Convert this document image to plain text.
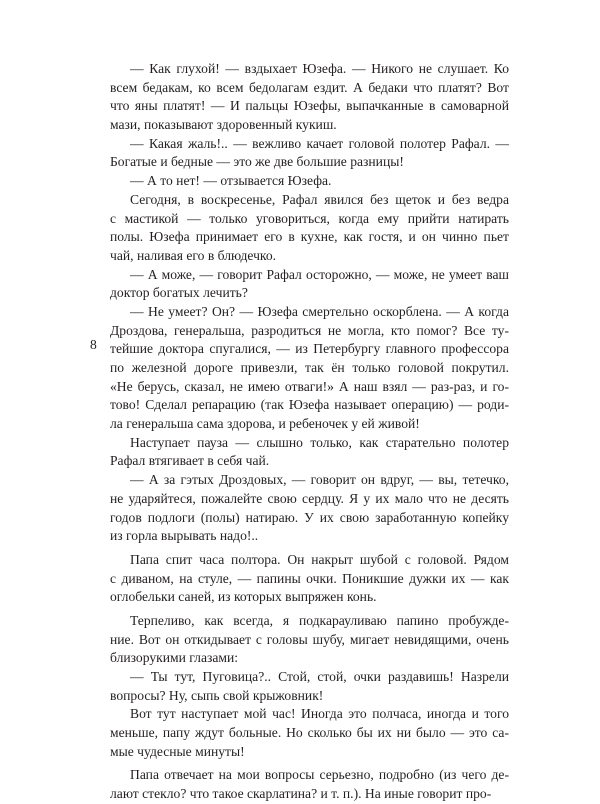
— Как глухой! — вздыхает Юзефа. — Никого не слушает. Ко
всем бедакам, ко всем бедолагам ездит. А бедаки что платят? Вот
что яны платят! — И пальцы Юзефы, выпачканные в самоварной
мази, показывают здоровенный кукиш.

— Какая жаль!.. — вежливо качает головой полотер Рафал. —
Богатые и бедные — это же две большие разницы!

— А то нет! — отзывается Юзефа.

Сегодня, в воскресенье, Рафал явился без щеток и без ведра
с мастикой — только уговориться, когда ему прийти натирать
полы. Юзефа принимает его в кухне, как гостя, и он чинно пьет
чай, наливая его в блюдечко.

— А може, — говорит Рафал осторожно, — може, не умеет ваш
доктор богатых лечить?

— Не умеет? Он? — Юзефа смертельно оскорблена. — А когда
Дроздова, генеральша, разродиться не могла, кто помог? Все ту-
тейшие доктора спугалися, — из Петербургу главного профессора
по железной дороге привезли, так ён только головой покрутил.
«Не берусь, сказал, не имею отваги!» А наш взял — раз-раз, и го-
тово! Сделал репарацию (так Юзефа называет операцию) — роди-
ла генеральша сама здорова, и ребеночек у ей живой!

Наступает пауза — слышно только, как старательно полотер
Рафал втягивает в себя чай.

— А за гэтых Дроздовых, — говорит он вдруг, — вы, тетечко,
не ударяйтеся, пожалейте свою сердцу. Я у их мало что не десять
годов подлоги (полы) натираю. У их свою заработанную копейку
из горла вырывать надо!..

Папа спит часа полтора. Он накрыт шубой с головой. Рядом
с диваном, на стуле, — папины очки. Поникшие дужки их — как
оглобельки саней, из которых выпряжен конь.

Терпеливо, как всегда, я подкарауливаю папино пробужде-
ние. Вот он откидывает с головы шубу, мигает невидящими, очень
близорукими глазами:

— Ты тут, Пуговица?.. Стой, стой, очки раздавишь! Назрели
вопросы? Ну, сыпь свой крыжовник!

Вот тут наступает мой час! Иногда это полчаса, иногда и того
меньше, папу ждут больные. Но сколько бы их ни было — это са-
мые чудесные минуты!

Папа отвечает на мои вопросы серьезно, подробно (из чего де-
лают стекло? что такое скарлатина? и т. п.). На иные говорит про-

8
